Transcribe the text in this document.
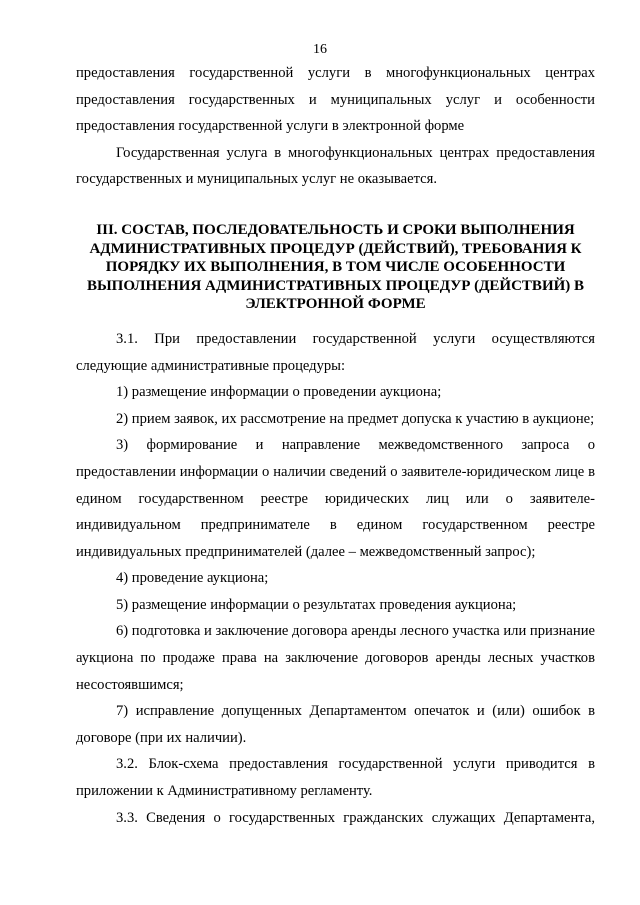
16

предоставления государственной услуги в многофункциональных центрах предоставления государственных и муниципальных услуг и особенности предоставления государственной услуги в электронной форме

Государственная услуга в многофункциональных центрах предоставления государственных и муниципальных услуг не оказывается.

III. СОСТАВ, ПОСЛЕДОВАТЕЛЬНОСТЬ И СРОКИ ВЫПОЛНЕНИЯ АДМИНИСТРАТИВНЫХ ПРОЦЕДУР (ДЕЙСТВИЙ), ТРЕБОВАНИЯ К ПОРЯДКУ ИХ ВЫПОЛНЕНИЯ, В ТОМ ЧИСЛЕ ОСОБЕННОСТИ ВЫПОЛНЕНИЯ АДМИНИСТРАТИВНЫХ ПРОЦЕДУР (ДЕЙСТВИЙ) В ЭЛЕКТРОННОЙ ФОРМЕ

3.1. При предоставлении государственной услуги осуществляются следующие административные процедуры:

1) размещение информации о проведении аукциона;

2) прием заявок, их рассмотрение на предмет допуска к участию в аукционе;

3) формирование и направление межведомственного запроса о предоставлении информации о наличии сведений о заявителе-юридическом лице в едином государственном реестре юридических лиц или о заявителе-индивидуальном предпринимателе в едином государственном реестре индивидуальных предпринимателей (далее – межведомственный запрос);

4) проведение аукциона;

5) размещение информации о результатах проведения аукциона;

6) подготовка и заключение договора аренды лесного участка или признание аукциона по продаже права на заключение договоров аренды лесных участков несостоявшимся;

7) исправление допущенных Департаментом опечаток и (или) ошибок в договоре (при их наличии).

3.2. Блок-схема предоставления государственной услуги приводится в приложении к Административному регламенту.

3.3. Сведения о государственных гражданских служащих Департамента,
